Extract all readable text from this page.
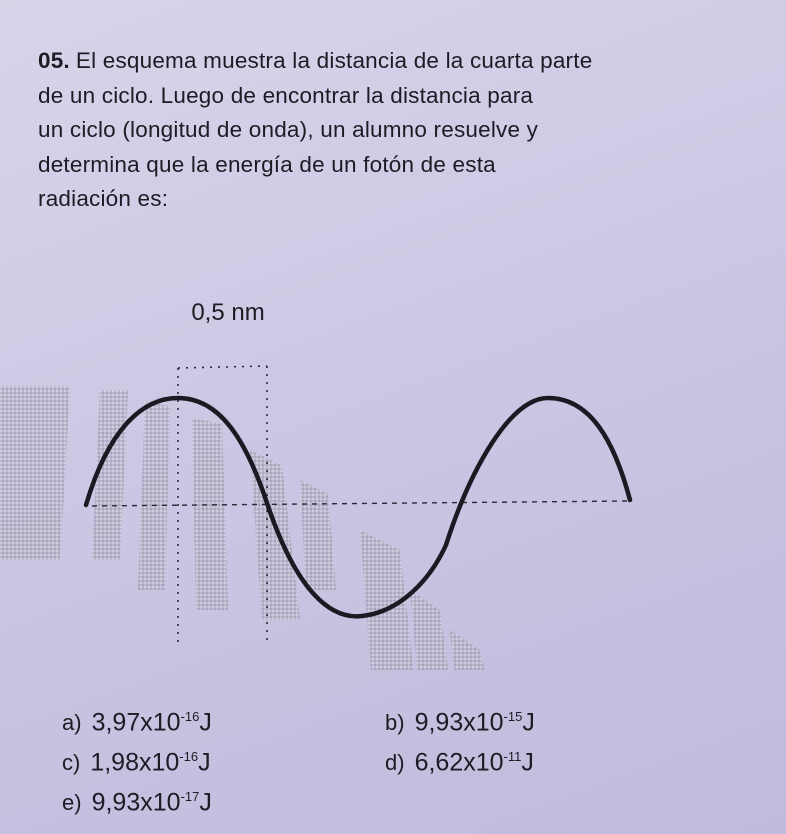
05. El esquema muestra la distancia de la cuarta parte
de un ciclo. Luego de encontrar la distancia para
un ciclo (longitud de onda), un alumno resuelve y
determina que la energía de un fotón de esta
radiación es:
0,5 nm
a) $3,97x10^{-16}J$	b) $9,93x10^{-15}J$
c) $1,98x10^{-16}J$	d) $6,62x10^{-11}J$
e) $9,93x10^{-17}J$
